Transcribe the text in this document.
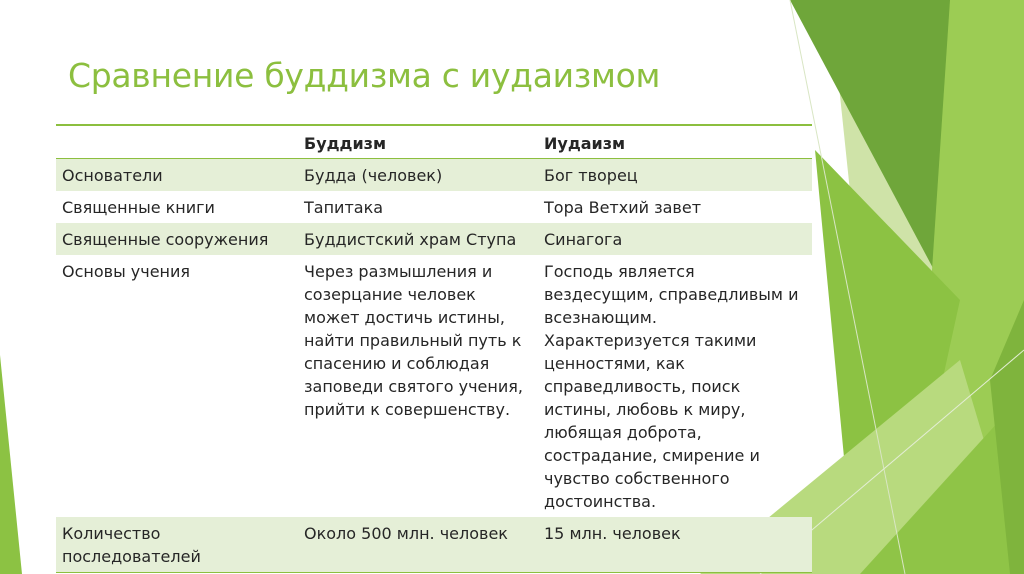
Сравнение буддизма с иудаизмом
	Буддизм	Иудаизм
Основатели	Будда (человек)	Бог творец
Священные книги	Тапитака	Тора Ветхий завет
Священные сооружения	Буддистский храм Ступа	Синагога
Основы учения	Через размышления и созерцание человек может достичь истины, найти правильный путь к спасению и соблюдая заповеди святого учения, прийти к совершенству.	Господь является вездесущим, справедливым и всезнающим. Характеризуется такими ценностями, как справедливость, поиск истины, любовь к миру, любящая доброта, сострадание, смирение и чувство собственного достоинства.
Количество последователей	Около 500 млн. человек	15 млн. человек
